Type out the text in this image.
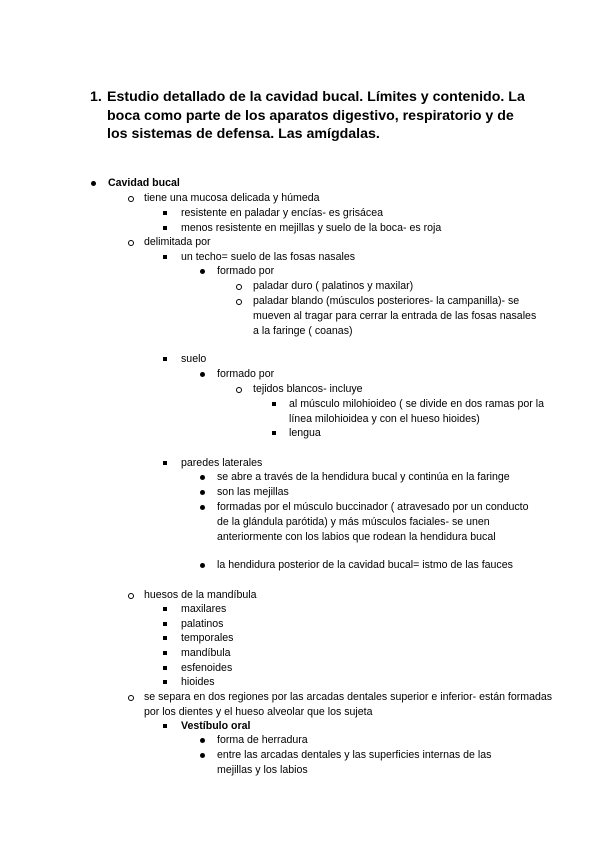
1. Estudio detallado de la cavidad bucal. Límites y contenido. La boca como parte de los aparatos digestivo, respiratorio y de los sistemas de defensa. Las amígdalas.
Cavidad bucal
tiene una mucosa delicada y húmeda
resistente en paladar y encías- es grisácea
menos resistente en mejillas y suelo de la boca- es roja
delimitada por
un techo= suelo de las fosas nasales
formado por
paladar duro ( palatinos y maxilar)
paladar blando (músculos posteriores- la campanilla)- se mueven al tragar para cerrar la entrada de las fosas nasales a la faringe ( coanas)
suelo
formado por
tejidos blancos- incluye
al músculo milohioideo ( se divide en dos ramas por la línea milohioidea y con el hueso hioides)
lengua
paredes laterales
se abre a través de la hendidura bucal y continúa en la faringe
son las mejillas
formadas por el músculo buccinador ( atravesado por un conducto de la glándula parótida) y más músculos faciales- se unen anteriormente con los labios que rodean la hendidura bucal
la hendidura posterior de la cavidad bucal= istmo de las fauces
huesos de la mandíbula
maxilares
palatinos
temporales
mandíbula
esfenoides
hioides
se separa en dos regiones por las arcadas dentales superior e inferior- están formadas por los dientes y el hueso alveolar que los sujeta
Vestíbulo oral
forma de herradura
entre las arcadas dentales y las superficies internas de las mejillas y los labios
